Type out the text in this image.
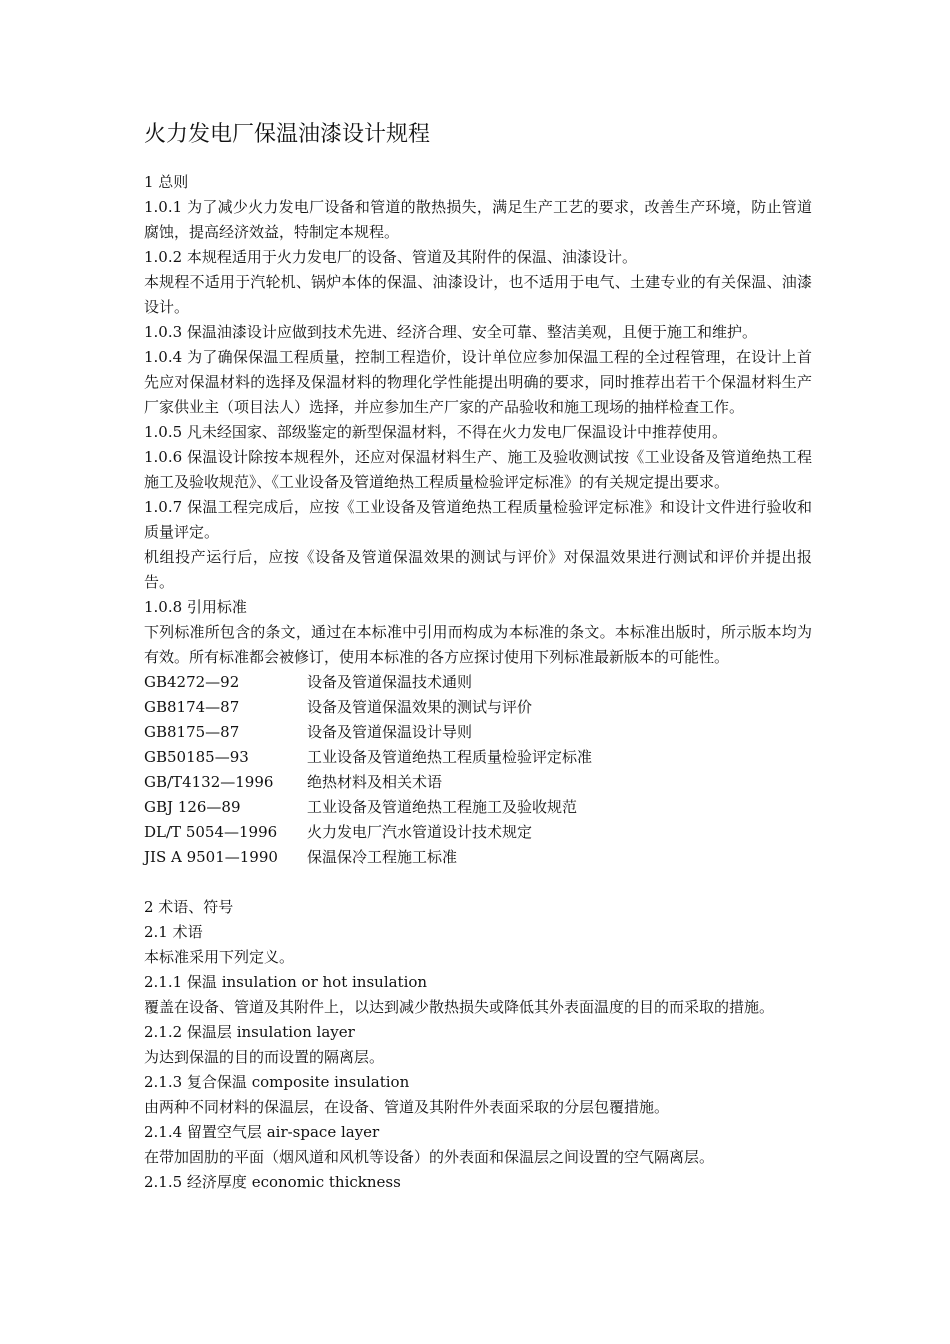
火力发电厂保温油漆设计规程

1 总则

1.0.1 为了减少火力发电厂设备和管道的散热损失，满足生产工艺的要求，改善生产环境，防止管道腐蚀，提高经济效益，特制定本规程。

1.0.2 本规程适用于火力发电厂的设备、管道及其附件的保温、油漆设计。

本规程不适用于汽轮机、锅炉本体的保温、油漆设计，也不适用于电气、土建专业的有关保温、油漆设计。

1.0.3 保温油漆设计应做到技术先进、经济合理、安全可靠、整洁美观，且便于施工和维护。

1.0.4 为了确保保温工程质量，控制工程造价，设计单位应参加保温工程的全过程管理，在设计上首先应对保温材料的选择及保温材料的物理化学性能提出明确的要求，同时推荐出若干个保温材料生产厂家供业主（项目法人）选择，并应参加生产厂家的产品验收和施工现场的抽样检查工作。

1.0.5 凡未经国家、部级鉴定的新型保温材料，不得在火力发电厂保温设计中推荐使用。

1.0.6 保温设计除按本规程外，还应对保温材料生产、施工及验收测试按《工业设备及管道绝热工程施工及验收规范》、《工业设备及管道绝热工程质量检验评定标准》的有关规定提出要求。

1.0.7 保温工程完成后，应按《工业设备及管道绝热工程质量检验评定标准》和设计文件进行验收和质量评定。

机组投产运行后，应按《设备及管道保温效果的测试与评价》对保温效果进行测试和评价并提出报告。

1.0.8 引用标准

下列标准所包含的条文，通过在本标准中引用而构成为本标准的条文。本标准出版时，所示版本均为有效。所有标准都会被修订，使用本标准的各方应探讨使用下列标准最新版本的可能性。

GB4272—92	设备及管道保温技术通则
GB8174—87	设备及管道保温效果的测试与评价
GB8175—87	设备及管道保温设计导则
GB50185—93	工业设备及管道绝热工程质量检验评定标准
GB/T4132—1996	绝热材料及相关术语
GBJ 126—89	工业设备及管道绝热工程施工及验收规范
DL/T 5054—1996	火力发电厂汽水管道设计技术规定
JIS A 9501—1990	保温保冷工程施工标准

2 术语、符号

2.1 术语

本标准采用下列定义。

2.1.1 保温 insulation or hot insulation

覆盖在设备、管道及其附件上，以达到减少散热损失或降低其外表面温度的目的而采取的措施。

2.1.2 保温层 insulation layer

为达到保温的目的而设置的隔离层。

2.1.3 复合保温 composite insulation

由两种不同材料的保温层，在设备、管道及其附件外表面采取的分层包覆措施。

2.1.4 留置空气层 air-space layer

在带加固肋的平面（烟风道和风机等设备）的外表面和保温层之间设置的空气隔离层。

2.1.5 经济厚度 economic thickness
